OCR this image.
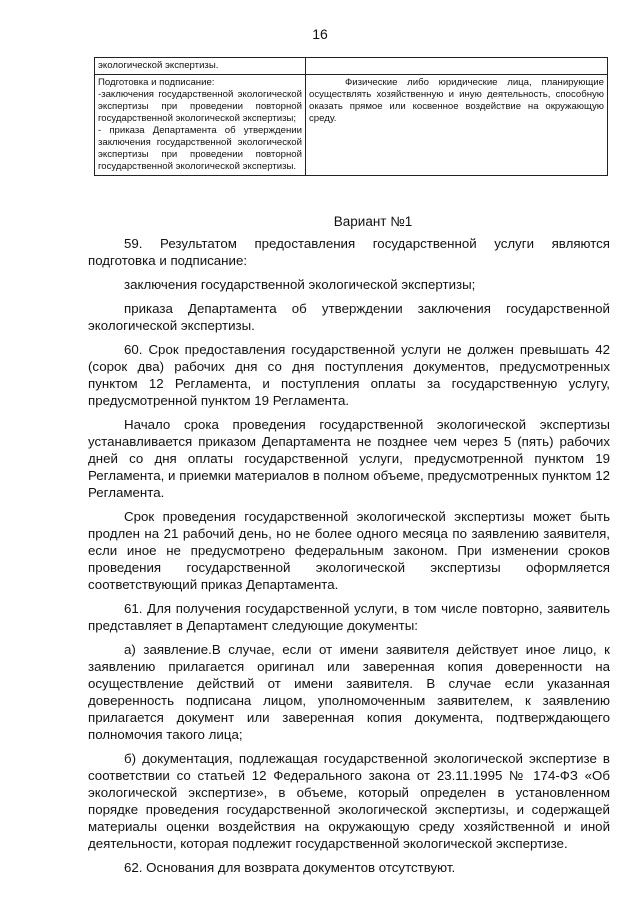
16
экологической экспертизы.	

Подготовка и подписание:
-заключения государственной экологической экспертизы при проведении повторной государственной экологической экспертизы;
- приказа Департамента об утверждении заключения государственной экологической экспертизы при проведении повторной государственной экологической экспертизы.	Физические либо юридические лица, планирующие осуществлять хозяйственную и иную деятельность, способную оказать прямое или косвенное воздействие на окружающую среду.
Вариант №1

59. Результатом предоставления государственной услуги являются подготовка и подписание:

заключения государственной экологической экспертизы;

приказа Департамента об утверждении заключения государственной экологической экспертизы.

60. Срок предоставления государственной услуги не должен превышать 42 (сорок два) рабочих дня со дня поступления документов, предусмотренных пунктом 12 Регламента, и поступления оплаты за государственную услугу, предусмотренной пунктом 19 Регламента.

Начало срока проведения государственной экологической экспертизы устанавливается приказом Департамента не позднее чем через 5 (пять) рабочих дней со дня оплаты государственной услуги, предусмотренной пунктом 19 Регламента, и приемки материалов в полном объеме, предусмотренных пунктом 12 Регламента.

Срок проведения государственной экологической экспертизы может быть продлен на 21 рабочий день, но не более одного месяца по заявлению заявителя, если иное не предусмотрено федеральным законом. При изменении сроков проведения государственной экологической экспертизы оформляется соответствующий приказ Департамента.

61. Для получения государственной услуги, в том числе повторно, заявитель представляет в Департамент следующие документы:

а) заявление.В случае, если от имени заявителя действует иное лицо, к заявлению прилагается оригинал или заверенная копия доверенности на осуществление действий от имени заявителя. В случае если указанная доверенность подписана лицом, уполномоченным заявителем, к заявлению прилагается документ или заверенная копия документа, подтверждающего полномочия такого лица;

б) документация, подлежащая государственной экологической экспертизе в соответствии со статьей 12 Федерального закона от 23.11.1995 № 174-ФЗ «Об экологической экспертизе», в объеме, который определен в установленном порядке проведения государственной экологической экспертизы, и содержащей материалы оценки воздействия на окружающую среду хозяйственной и иной деятельности, которая подлежит государственной экологической экспертизе.

62. Основания для возврата документов отсутствуют.
